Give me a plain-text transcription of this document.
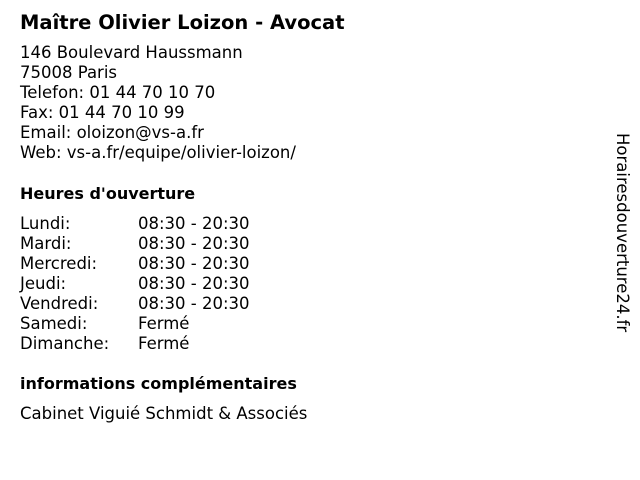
Maître Olivier Loizon - Avocat
146 Boulevard Haussmann
75008 Paris
Telefon: 01 44 70 10 70
Fax: 01 44 70 10 99
Email: oloizon@vs-a.fr
Web: vs-a.fr/equipe/olivier-loizon/
Heures d'ouverture
Lundi:	08:30 - 20:30
Mardi:	08:30 - 20:30
Mercredi: 08:30 - 20:30
Jeudi:	08:30 - 20:30
Vendredi: 08:30 - 20:30
Samedi:	Fermé
Dimanche: Fermé
informations complémentaires
Cabinet Viguié Schmidt & Associés
Horairesdouverture24.fr
